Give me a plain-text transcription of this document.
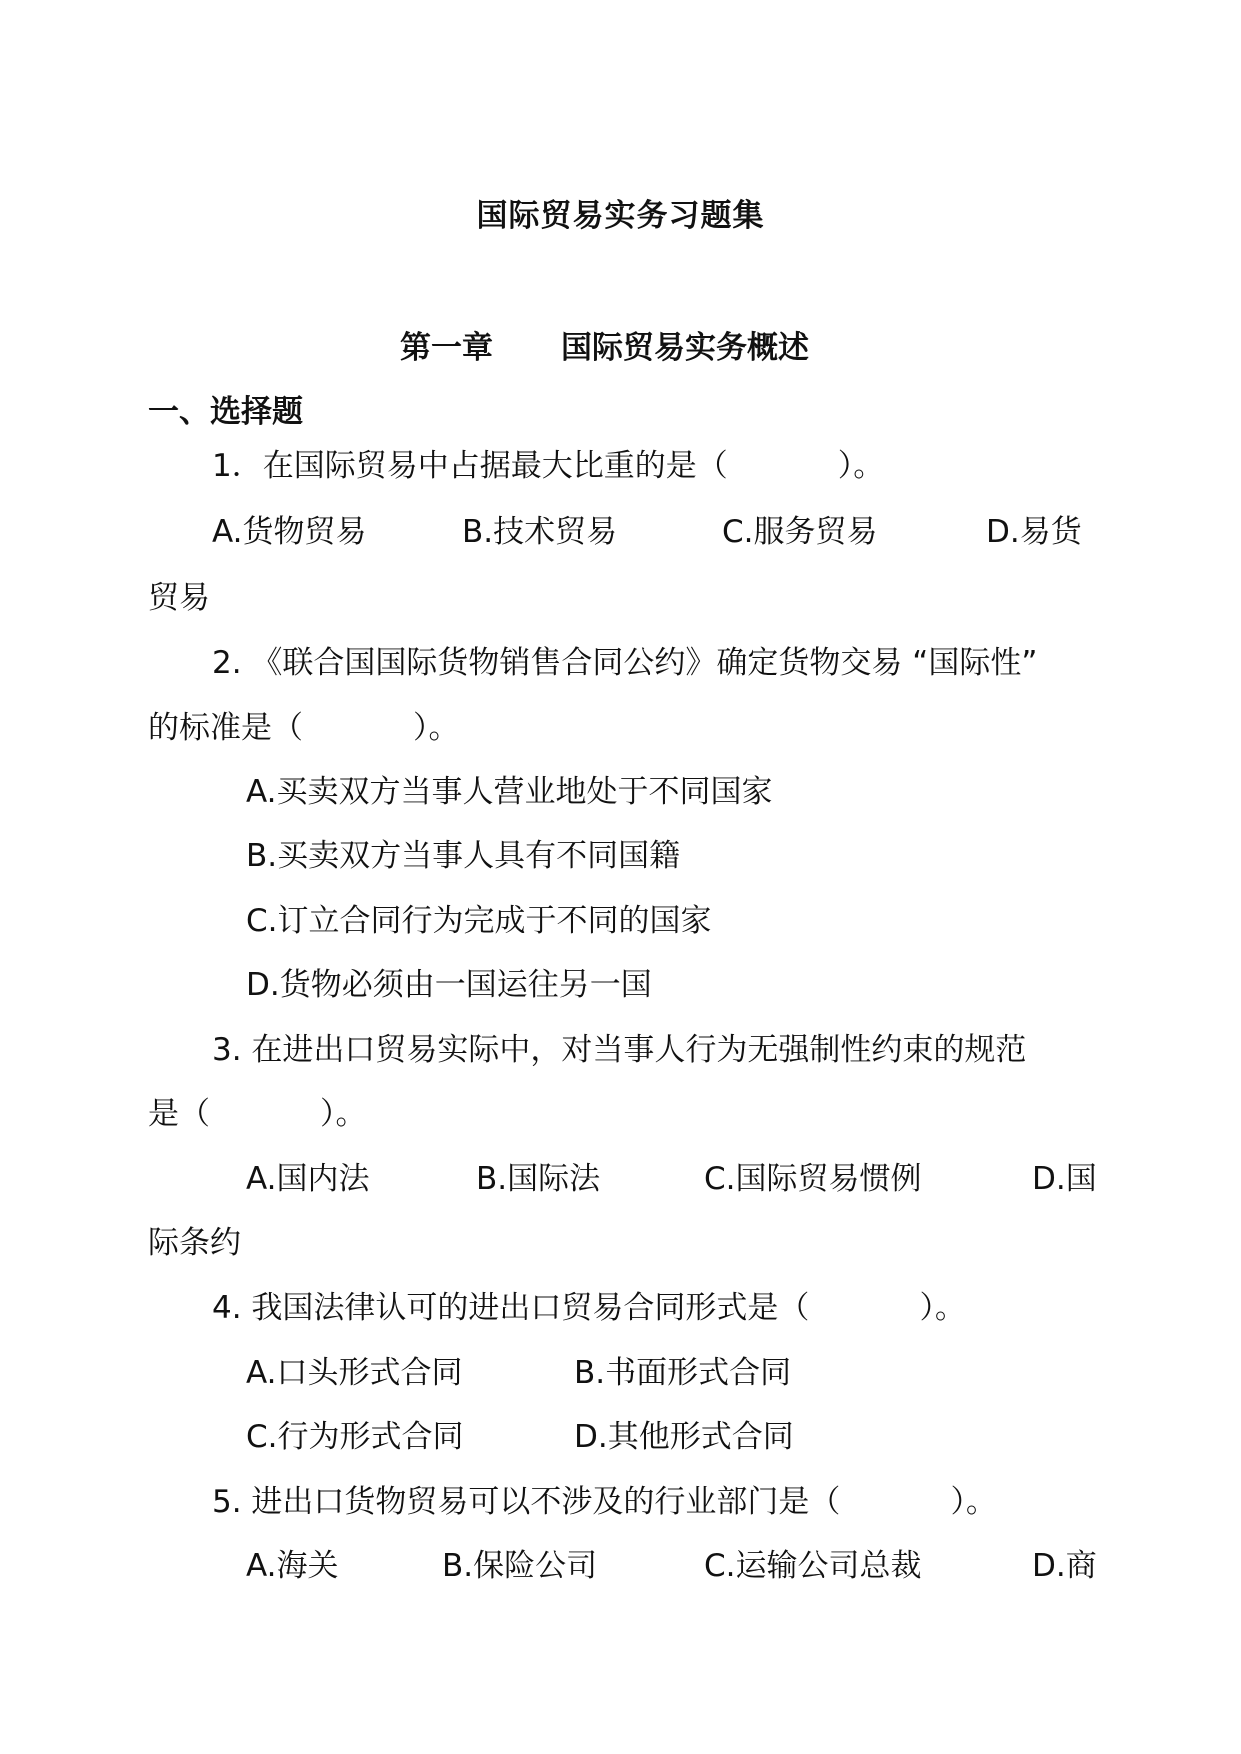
国际贸易实务习题集
第一章 国际贸易实务概述
一、选择题
1．在国际贸易中占据最大比重的是（	）。
A.货物贸易	B.技术贸易	C.服务贸易	D.易货
贸易
2. 《联合国国际货物销售合同公约》确定货物交易 “国际性”
的标准是（	）。
A.买卖双方当事人营业地处于不同国家
B.买卖双方当事人具有不同国籍
C.订立合同行为完成于不同的国家
D.货物必须由一国运往另一国
3. 在进出口贸易实际中，对当事人行为无强制性约束的规范
是（	）。
A.国内法	B.国际法	C.国际贸易惯例	D.国
际条约
4. 我国法律认可的进出口贸易合同形式是（	）。
A.口头形式合同	B.书面形式合同
C.行为形式合同	D.其他形式合同
5. 进出口货物贸易可以不涉及的行业部门是（	）。
A.海关	B.保险公司	C.运输公司总裁	D.商
